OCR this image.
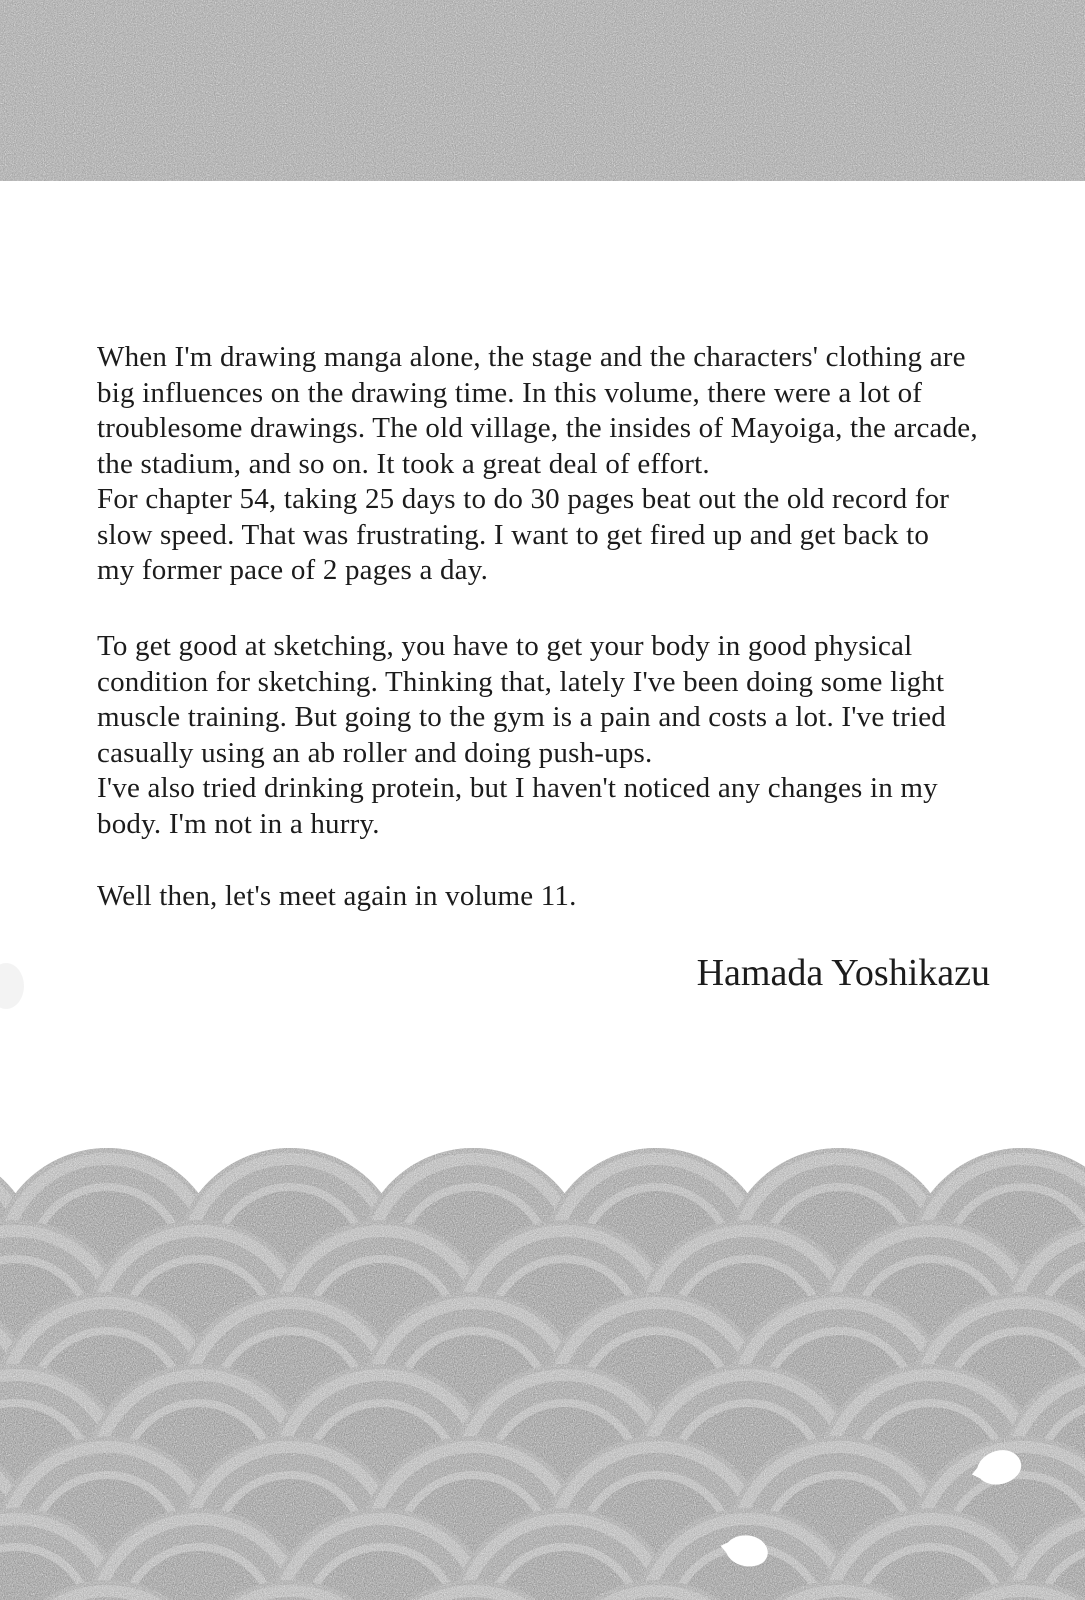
When I'm drawing manga alone, the stage and the characters' clothing are
big influences on the drawing time. In this volume, there were a lot of
troublesome drawings. The old village, the insides of Mayoiga, the arcade,
the stadium, and so on. It took a great deal of effort.
For chapter 54, taking 25 days to do 30 pages beat out the old record for
slow speed. That was frustrating. I want to get fired up and get back to
my former pace of 2 pages a day.
To get good at sketching, you have to get your body in good physical
condition for sketching. Thinking that, lately I've been doing some light
muscle training. But going to the gym is a pain and costs a lot. I've tried
casually using an ab roller and doing push-ups.
I've also tried drinking protein, but I haven't noticed any changes in my
body. I'm not in a hurry.
Well then, let's meet again in volume 11.
Hamada Yoshikazu
